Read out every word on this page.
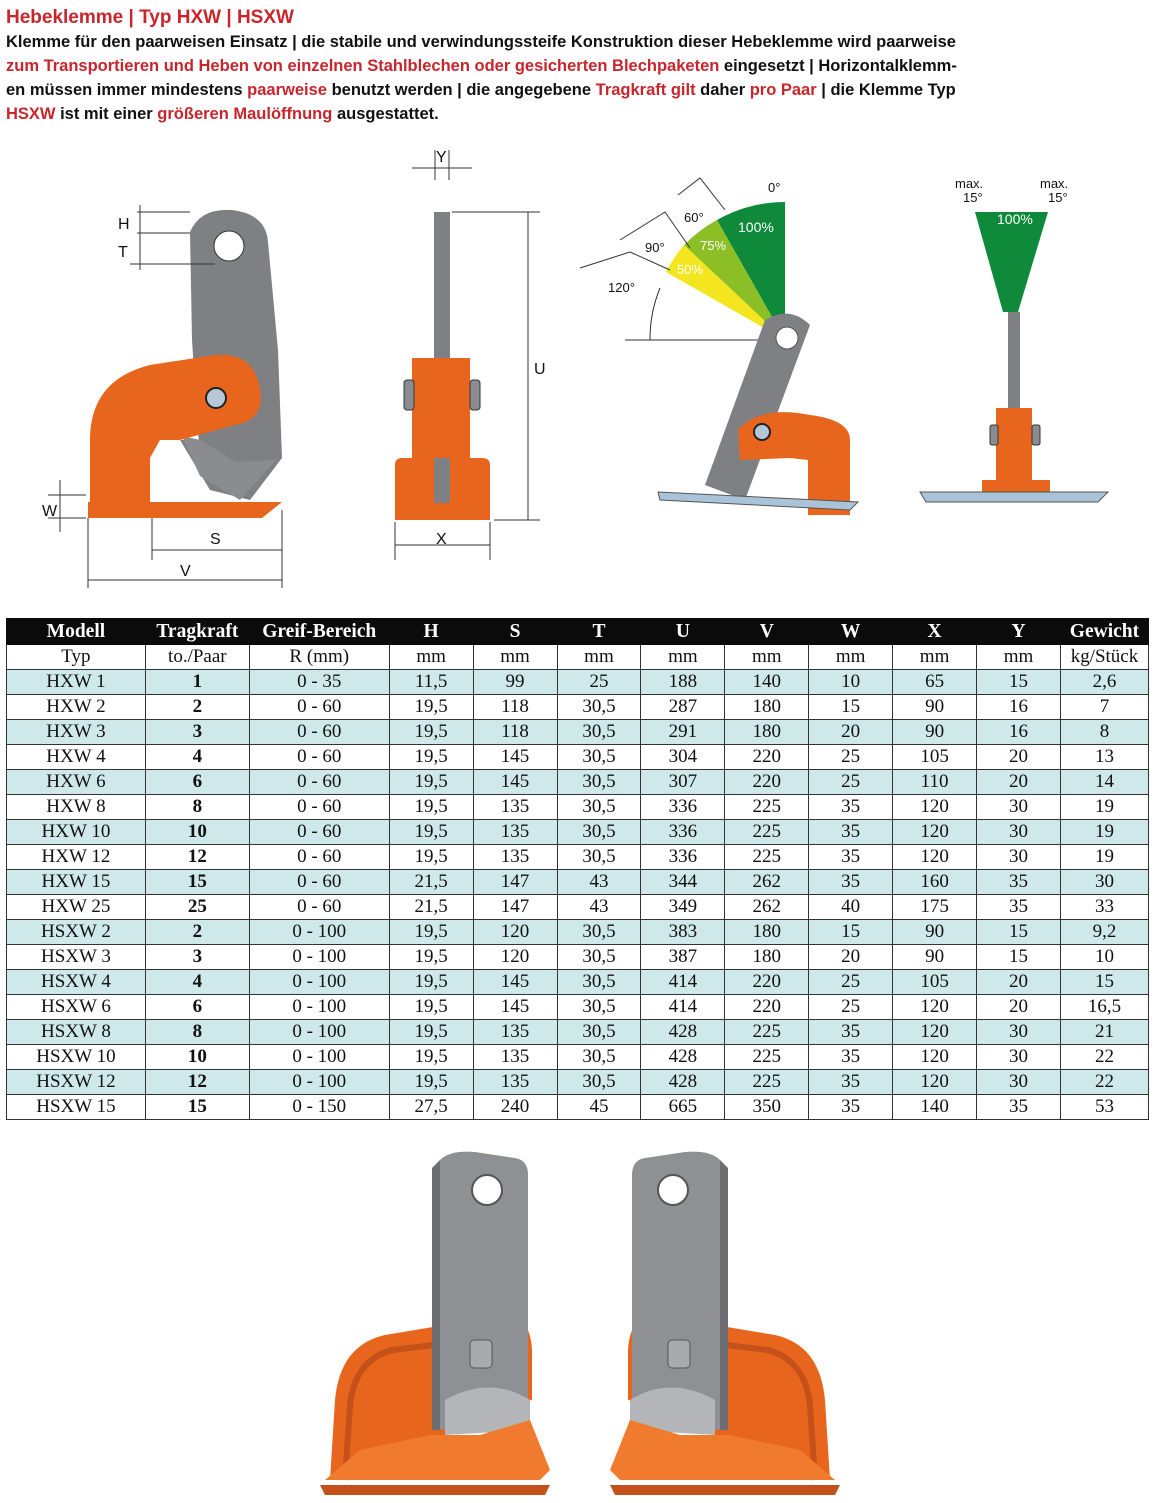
Hebeklemme | Typ HXW | HSXW
Klemme für den paarweisen Einsatz | die stabile und verwindungssteife Konstruktion dieser Hebeklemme wird paarweise
zum Transportieren und Heben von einzelnen Stahlblechen oder gesicherten Blechpaketen eingesetzt | Horizontalklemm-
en müssen immer mindestens paarweise benutzt werden | die angegebene Tragkraft gilt daher pro Paar | die Klemme Typ
HSXW ist mit einer größeren Maulöffnung ausgestattet.
H
T
W
S
V
Y
U
X
100%
75%
50%
0°
60°
90°
120°
100%
max.
15°
max.
15°
Modell	Tragkraft	Greif-Bereich	H	S	T	U	V	W	X	Y	Gewicht
Typ	to./Paar	R (mm)	mm	mm	mm	mm	mm	mm	mm	mm	kg/Stück
HXW 1	1	0 - 35	11,5	99	25	188	140	10	65	15	2,6
HXW 2	2	0 - 60	19,5	118	30,5	287	180	15	90	16	7
HXW 3	3	0 - 60	19,5	118	30,5	291	180	20	90	16	8
HXW 4	4	0 - 60	19,5	145	30,5	304	220	25	105	20	13
HXW 6	6	0 - 60	19,5	145	30,5	307	220	25	110	20	14
HXW 8	8	0 - 60	19,5	135	30,5	336	225	35	120	30	19
HXW 10	10	0 - 60	19,5	135	30,5	336	225	35	120	30	19
HXW 12	12	0 - 60	19,5	135	30,5	336	225	35	120	30	19
HXW 15	15	0 - 60	21,5	147	43	344	262	35	160	35	30
HXW 25	25	0 - 60	21,5	147	43	349	262	40	175	35	33
HSXW 2	2	0 - 100	19,5	120	30,5	383	180	15	90	15	9,2
HSXW 3	3	0 - 100	19,5	120	30,5	387	180	20	90	15	10
HSXW 4	4	0 - 100	19,5	145	30,5	414	220	25	105	20	15
HSXW 6	6	0 - 100	19,5	145	30,5	414	220	25	120	20	16,5
HSXW 8	8	0 - 100	19,5	135	30,5	428	225	35	120	30	21
HSXW 10	10	0 - 100	19,5	135	30,5	428	225	35	120	30	22
HSXW 12	12	0 - 100	19,5	135	30,5	428	225	35	120	30	22
HSXW 15	15	0 - 150	27,5	240	45	665	350	35	140	35	53
